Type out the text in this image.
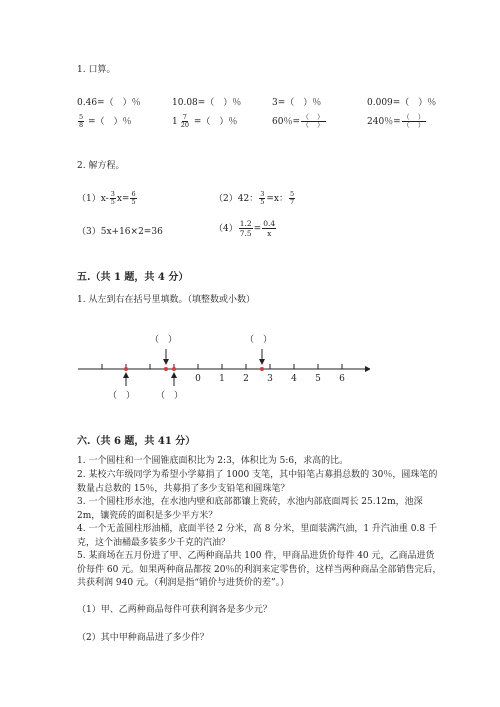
1. 口算。
0.46=（　）％	10.08=（　）％	3=（　）％	0.009=（　）％
$\frac{5}{8}$ =（　）％	$1 \frac{7}{20}$ =（　）％	60％= $\frac{( )}{( )}$	240％= $\frac{( )}{( )}$
2. 解方程。
$(1)x- \frac{3}{5} x= \frac{6}{5}$	（2）42： $\frac{3}{5} =x$： $\frac{5}{7}$
（3）5x+16×2=36	$(4) \frac{1.2}{7.5} = \frac{0.4}{x}$
五.（共 1 题，共 4 分）
1. 从左到右在括号里填数。（填整数或小数）
（　）	（　）
0 1 2 3 4 5 6
（　） （　）
六.（共 6 题，共 41 分）
1. 一个圆柱和一个圆锥底面积比为 2:3，体积比为 5:6，求高的比。
2. 某校六年级同学为希望小学募捐了 1000 支笔，其中铅笔占募捐总数的 30％，圆珠笔的数量占总数的 15％，共募捐了多少支铅笔和圆珠笔？
3. 一个圆柱形水池，在水池内壁和底部都镶上瓷砖，水池内部底面周长 25.12m，池深 2m，镶瓷砖的面积是多少平方米？
4. 一个无盖圆柱形油桶，底面半径 2 分米，高 8 分米，里面装满汽油，1 升汽油重 0.8 千克，这个油桶最多装多少千克的汽油？
5. 某商场在五月份进了甲、乙两种商品共 100 件，甲商品进货价每件 40 元，乙商品进货价每件 60 元。如果两种商品都按 20％的利润来定零售价，这样当两种商品全部销售完后，共获利润 940 元。（利润是指“销价与进货价的差”。）
（1）甲、乙两种商品每件可获利润各是多少元？
（2）其中甲种商品进了多少件？
